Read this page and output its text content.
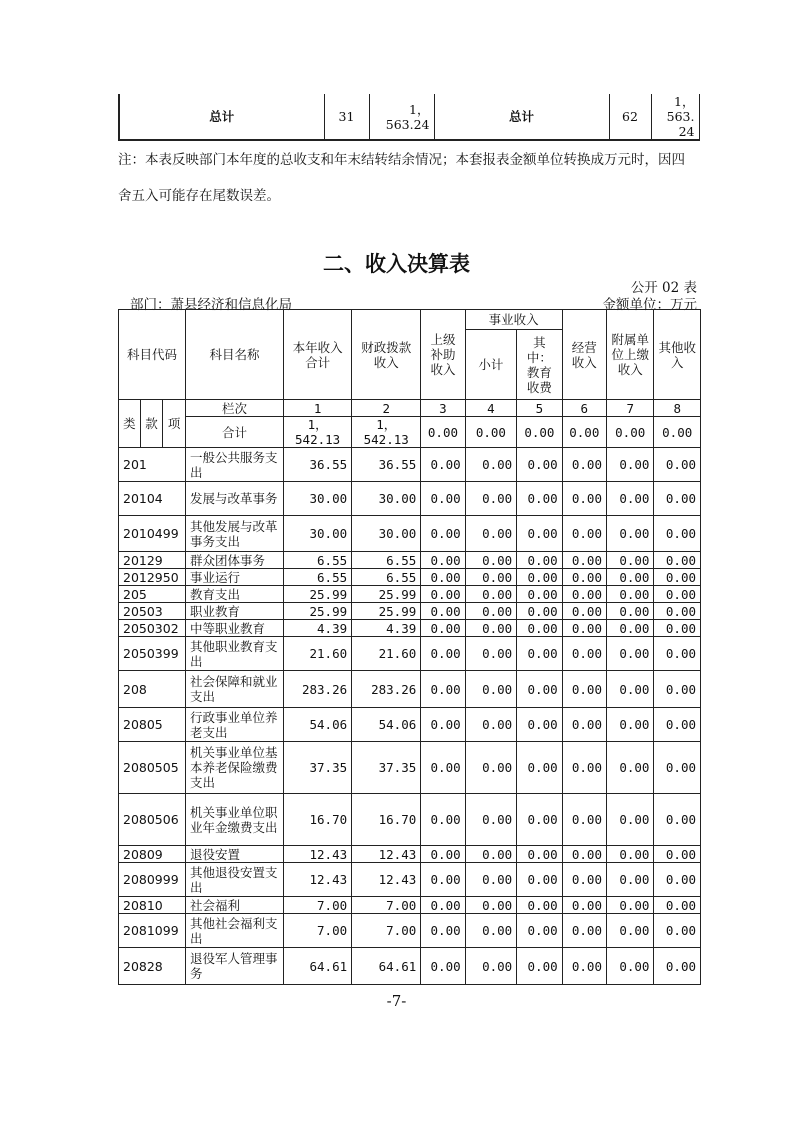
总计	31	1，563.24	总计	62	1，563.
24
注：本表反映部门本年度的总收支和年末结转结余情况；本套报表金额单位转换成万元时，因四
舍五入可能存在尾数误差。
二、收入决算表
公开 02 表
部门：萧县经济和信息化局	金额单位：万元
科目代码			科目名称	本年收入合计	财政拨款收入	上级补助收入	事业收入		经营收入	附属单位上缴收入	其他收入
							小计	其中：教育收费			
类	款	项	栏次	1	2	3	4	5	6	7	8
			合计	1，542.13	1，542.13	0.00	0.00	0.00	0.00	0.00	0.00
201			一般公共服务支出	36.55	36.55	0.00	0.00	0.00	0.00	0.00	0.00
20104			发展与改革事务	30.00	30.00	0.00	0.00	0.00	0.00	0.00	0.00
2010499			其他发展与改革事务支出	30.00	30.00	0.00	0.00	0.00	0.00	0.00	0.00
20129			群众团体事务	6.55	6.55	0.00	0.00	0.00	0.00	0.00	0.00
2012950			事业运行	6.55	6.55	0.00	0.00	0.00	0.00	0.00	0.00
205			教育支出	25.99	25.99	0.00	0.00	0.00	0.00	0.00	0.00
20503			职业教育	25.99	25.99	0.00	0.00	0.00	0.00	0.00	0.00
2050302			中等职业教育	4.39	4.39	0.00	0.00	0.00	0.00	0.00	0.00
2050399			其他职业教育支出	21.60	21.60	0.00	0.00	0.00	0.00	0.00	0.00
208			社会保障和就业支出	283.26	283.26	0.00	0.00	0.00	0.00	0.00	0.00
20805			行政事业单位养老支出	54.06	54.06	0.00	0.00	0.00	0.00	0.00	0.00
2080505			机关事业单位基本养老保险缴费支出	37.35	37.35	0.00	0.00	0.00	0.00	0.00	0.00
2080506			机关事业单位职业年金缴费支出	16.70	16.70	0.00	0.00	0.00	0.00	0.00	0.00
20809			退役安置	12.43	12.43	0.00	0.00	0.00	0.00	0.00	0.00
2080999			其他退役安置支出	12.43	12.43	0.00	0.00	0.00	0.00	0.00	0.00
20810			社会福利	7.00	7.00	0.00	0.00	0.00	0.00	0.00	0.00
2081099			其他社会福利支出	7.00	7.00	0.00	0.00	0.00	0.00	0.00	0.00
20828			退役军人管理事务	64.61	64.61	0.00	0.00	0.00	0.00	0.00	0.00
-7-
